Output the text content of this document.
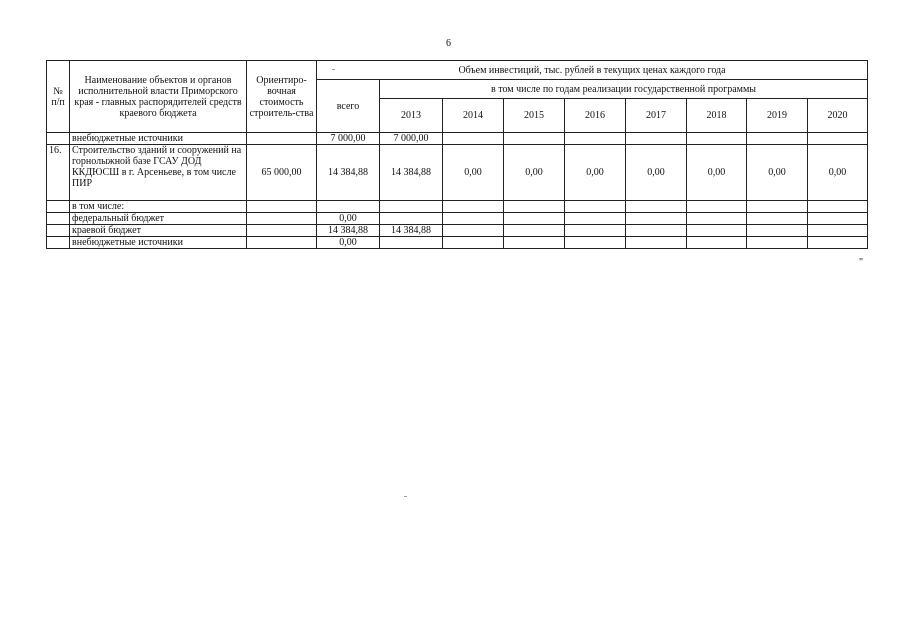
6
№ п/п	Наименование объектов и органов исполнительной власти Приморского края - главных распорядителей средств краевого бюджета	Ориентиро-вочная стоимость строитель-ства	Объем инвестиций, тыс. рублей в текущих ценах каждого года								
			всего	в том числе по годам реализации государственной программы							
				2013	2014	2015	2016	2017	2018	2019	2020
	внебюджетные источники		7 000,00	7 000,00							
16.	Строительство зданий и сооружений на горнолыжной базе ГСАУ ДОД ККДЮСШ в г. Арсеньеве, в том числе ПИР	65 000,00	14 384,88	14 384,88	0,00	0,00	0,00	0,00	0,00	0,00	0,00
	в том числе:										
	федеральный бюджет		0,00								
	краевой бюджет		14 384,88	14 384,88							
	внебюджетные источники		0,00								
"
